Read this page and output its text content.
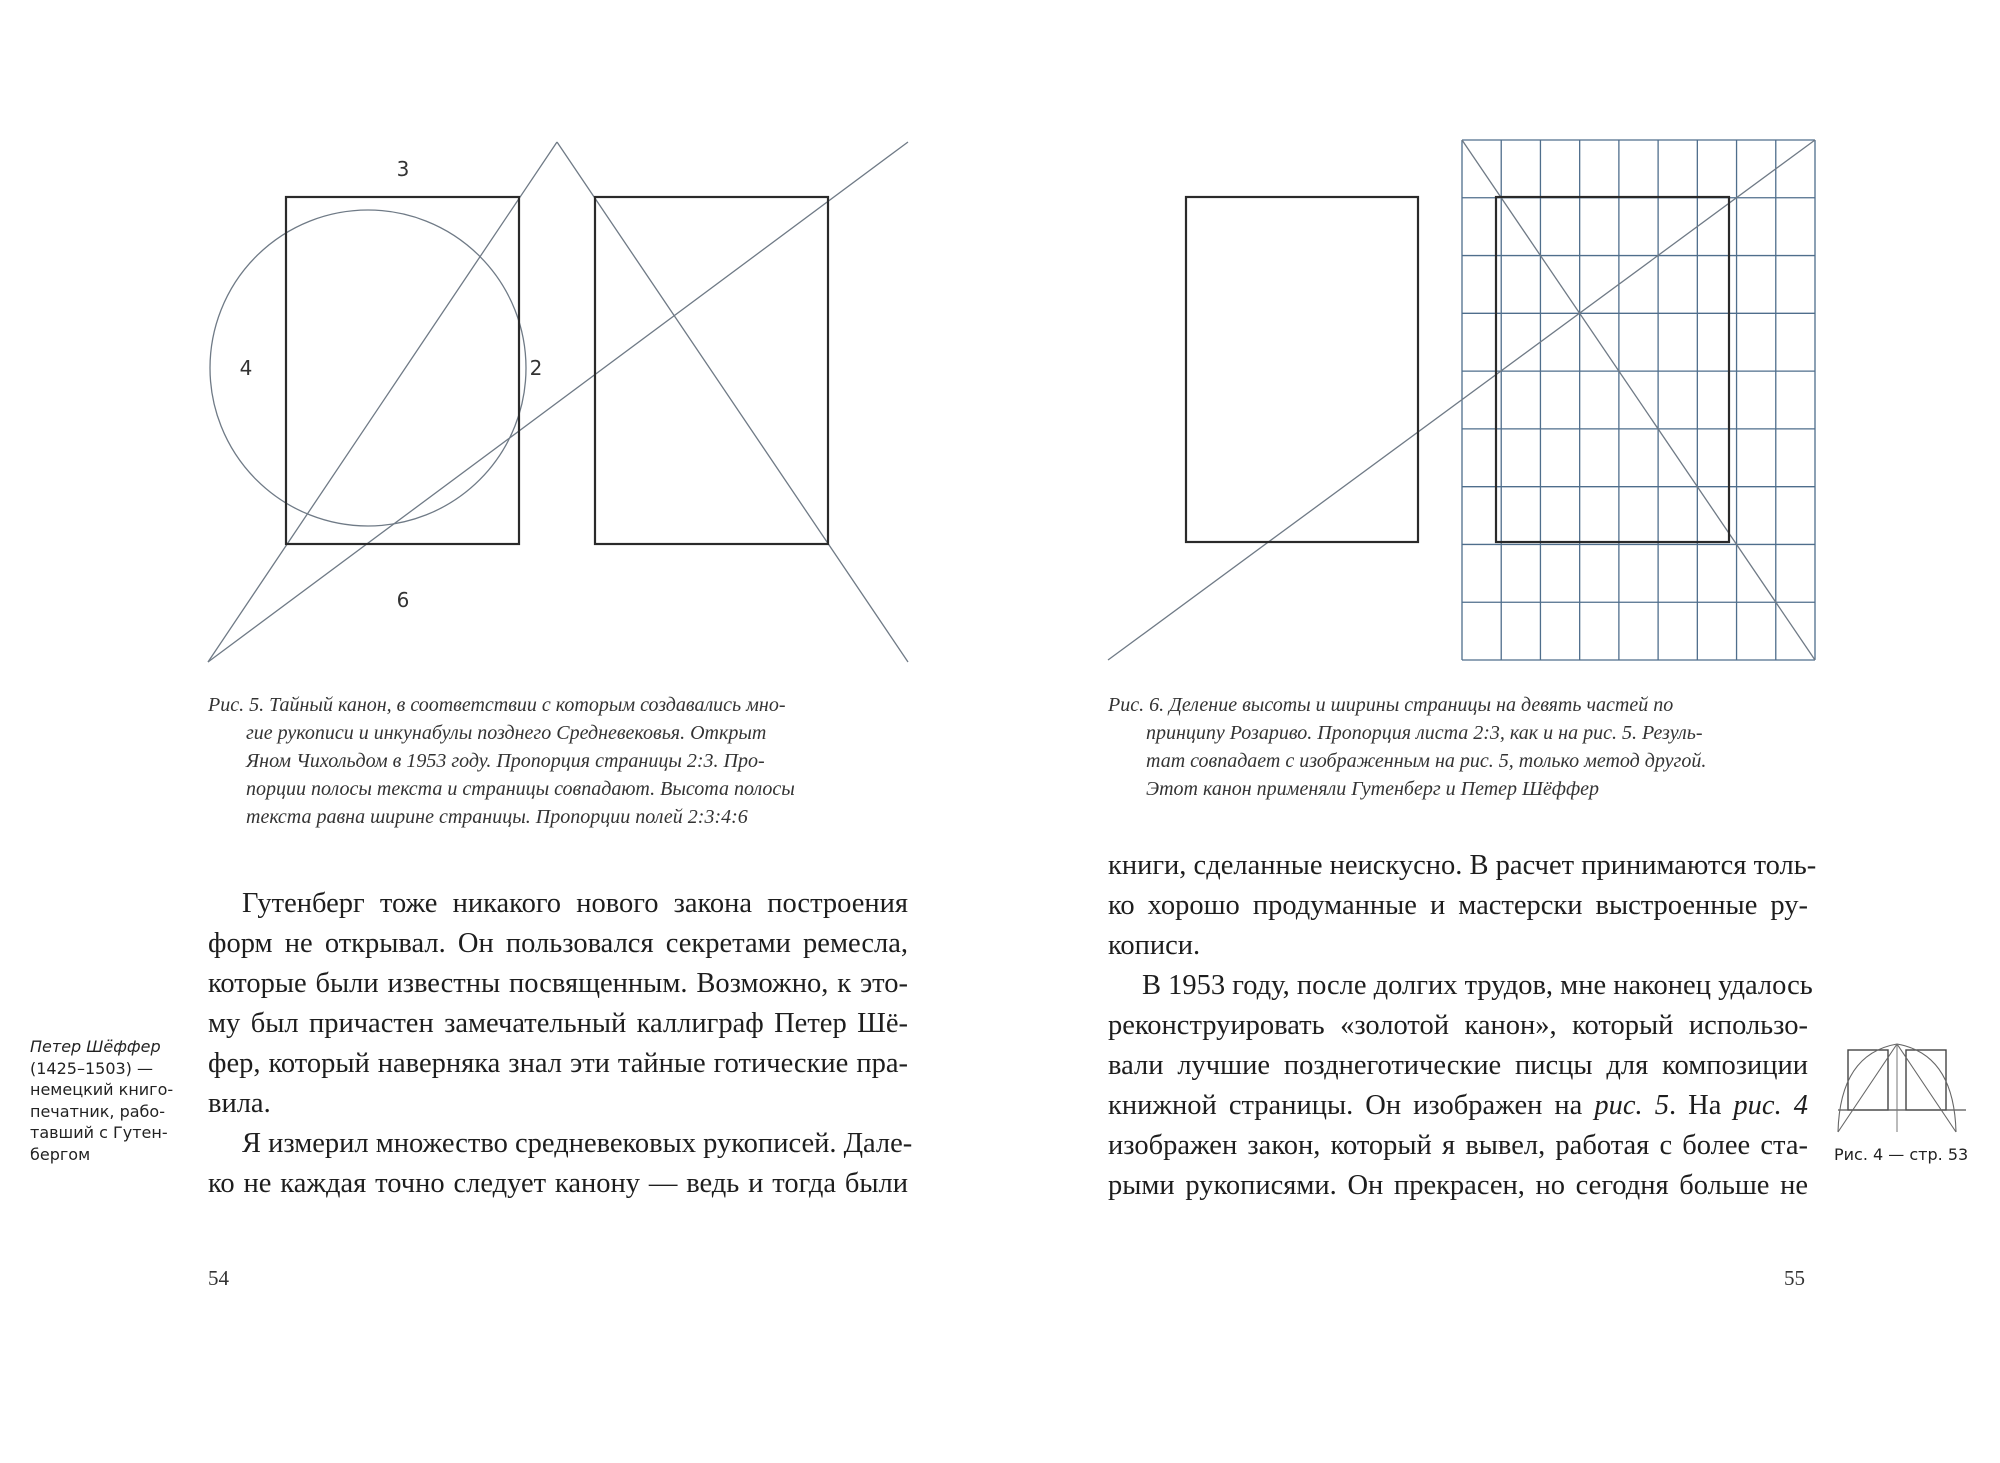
3
4	2
6
Рис. 5. Тайный канон, в соответствии с которым создавались мно-
гие рукописи и инкунабулы позднего Средневековья. Открыт
Яном Чихольдом в 1953 году. Пропорция страницы 2:3. Про-
порции полосы текста и страницы совпадают. Высота полосы
текста равна ширине страницы. Пропорции полей 2:3:4:6
Рис. 6. Деление высоты и ширины страницы на девять частей по
принципу Розариво. Пропорция листа 2:3, как и на рис. 5. Резуль-
тат совпадает с изображенным на рис. 5, только метод другой.
Этот канон применяли Гутенберг и Петер Шёффер
Гутенберг тоже никакого нового закона построения
форм не открывал. Он пользовался секретами ремесла,
которые были известны посвященным. Возможно, к это-
му был причастен замечательный каллиграф Петер Шё-
фер, который наверняка знал эти тайные готические пра-
вила.
Я измерил множество средневековых рукописей. Дале-
ко не каждая точно следует канону — ведь и тогда были
Петер Шёффер
(1425–1503) —
немецкий книго-
печатник, рабо-
тавший с Гутен-
бергом
книги, сделанные неискусно. В расчет принимаются толь-
ко хорошо продуманные и мастерски выстроенные ру-
кописи.
В 1953 году, после долгих трудов, мне наконец удалось
реконструировать «золотой канон», который использо-
вали лучшие позднеготические писцы для композиции
книжной страницы. Он изображен на рис. 5. На рис. 4
изображен закон, который я вывел, работая с более ста-
рыми рукописями. Он прекрасен, но сегодня больше не
Рис. 4 — стр. 53
54	55
